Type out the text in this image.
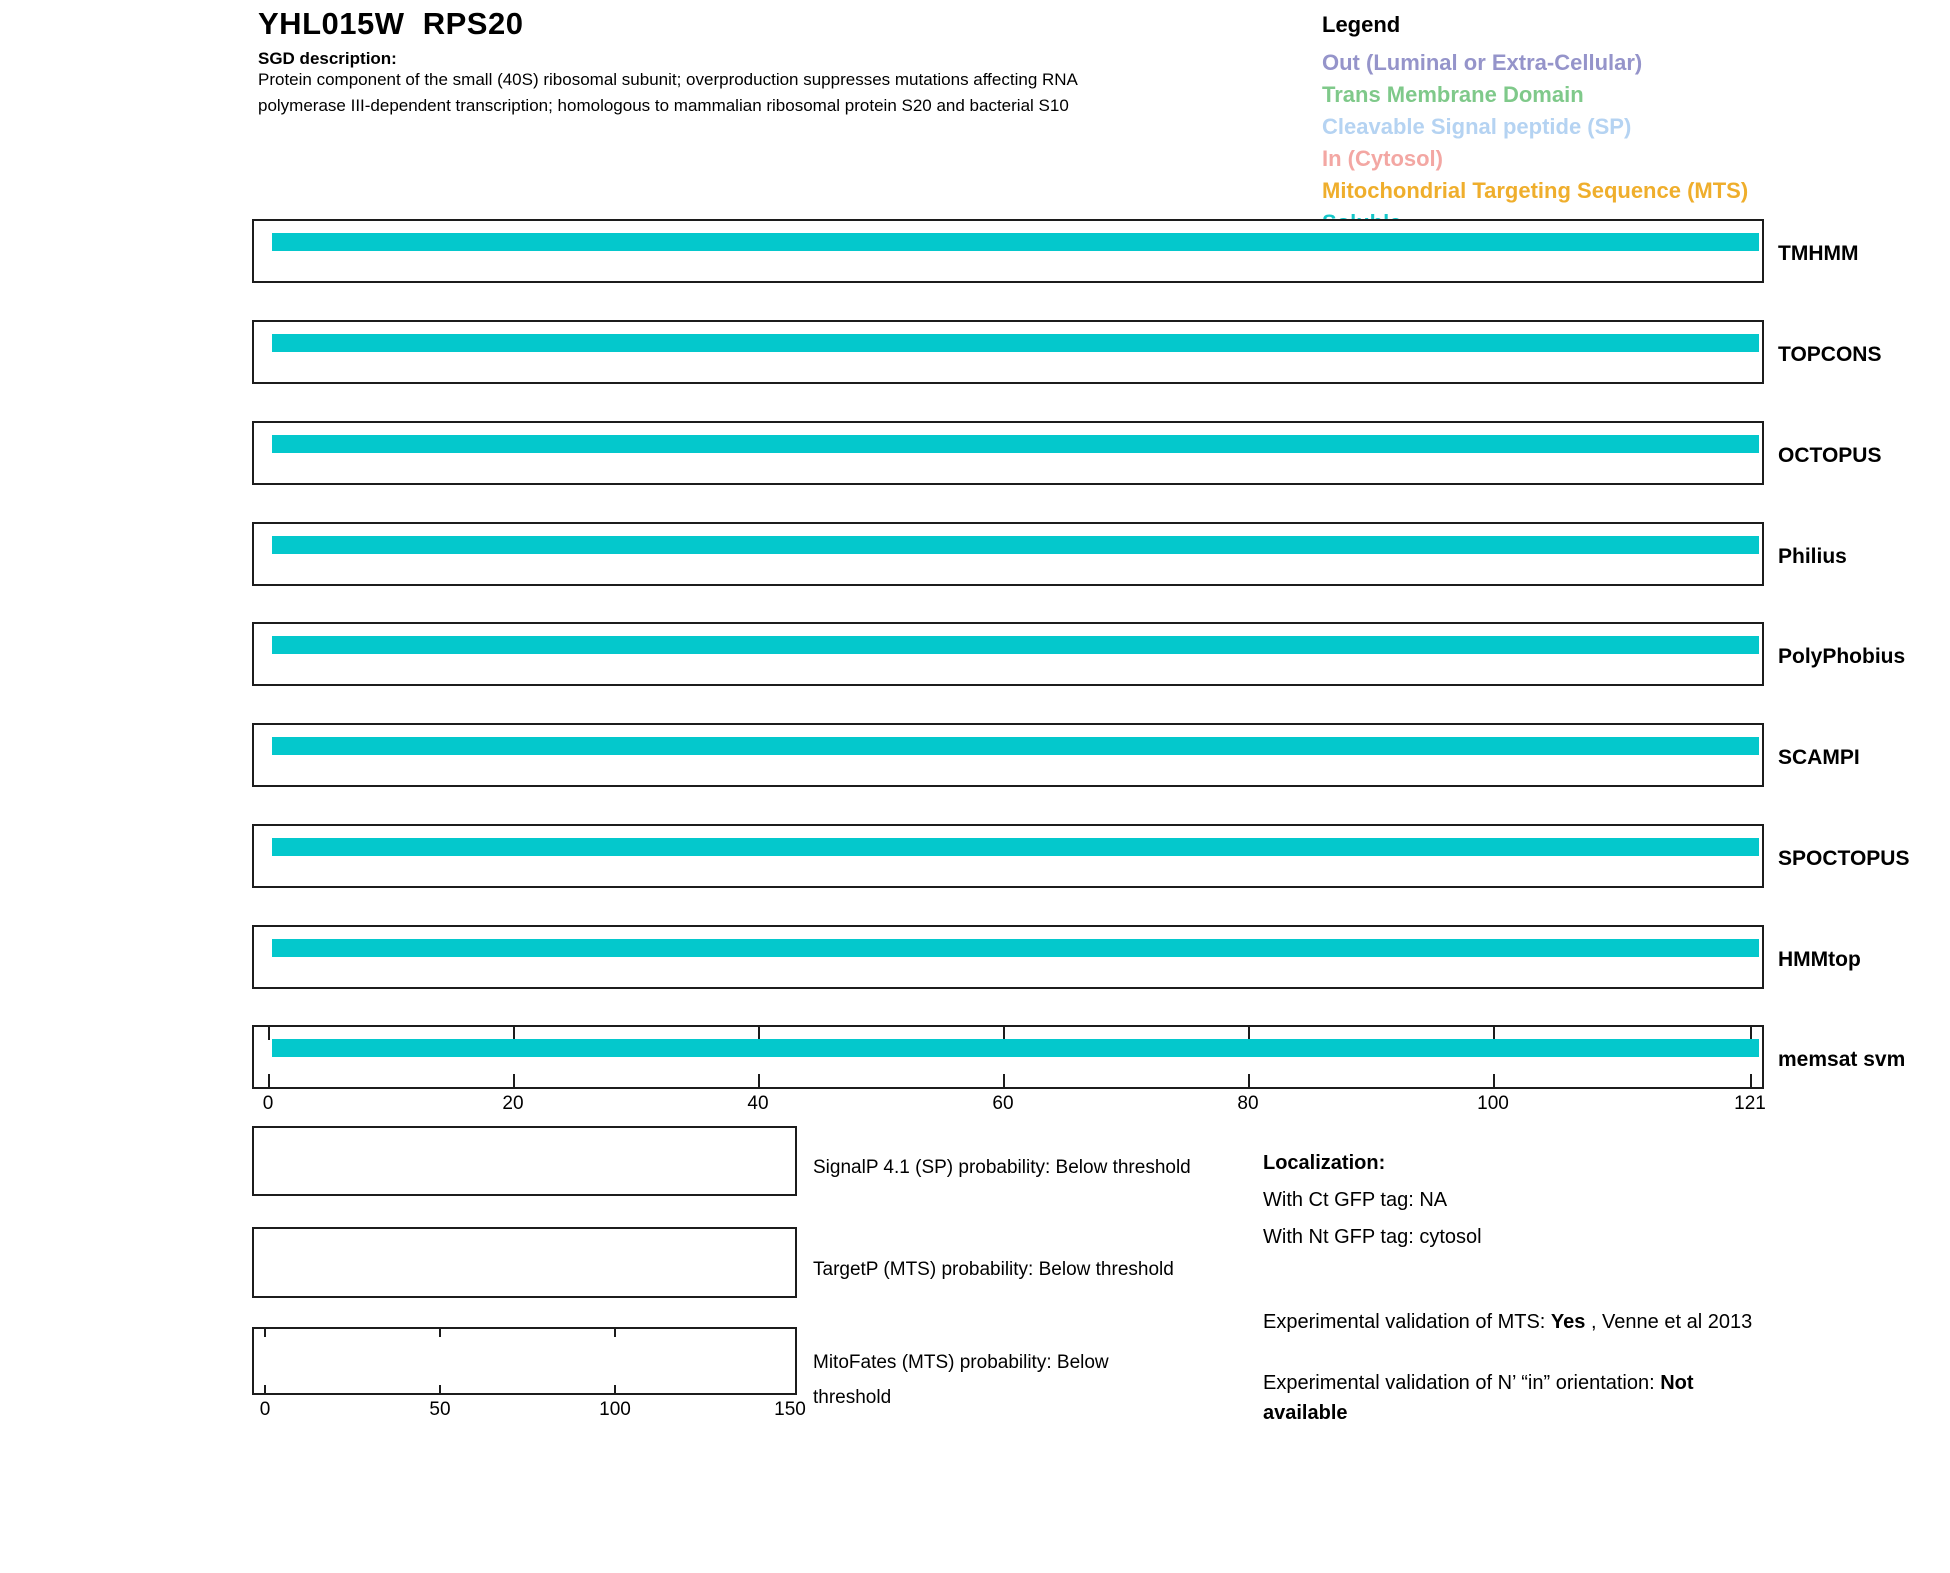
YHL015W  RPS20
SGD description:
Protein component of the small (40S) ribosomal subunit; overproduction suppresses mutations affecting RNA
polymerase III-dependent transcription; homologous to mammalian ribosomal protein S20 and bacterial S10
Legend
Out (Luminal or Extra-Cellular)
Trans Membrane Domain
Cleavable Signal peptide (SP)
In (Cytosol)
Mitochondrial Targeting Sequence (MTS)
TMHMM
TOPCONS
OCTOPUS
Philius
PolyPhobius
SCAMPI
SPOCTOPUS
HMMtop
memsat svm
0	20	40	60	80	100	121
SignalP 4.1 (SP) probability: Below threshold
TargetP (MTS) probability: Below threshold
MitoFates (MTS) probability: Below
threshold
0	50	100	150
Localization:
With Ct GFP tag: NA
With Nt GFP tag: cytosol
Experimental validation of MTS: Yes , Venne et al 2013
Experimental validation of N’ “in” orientation: Not available
